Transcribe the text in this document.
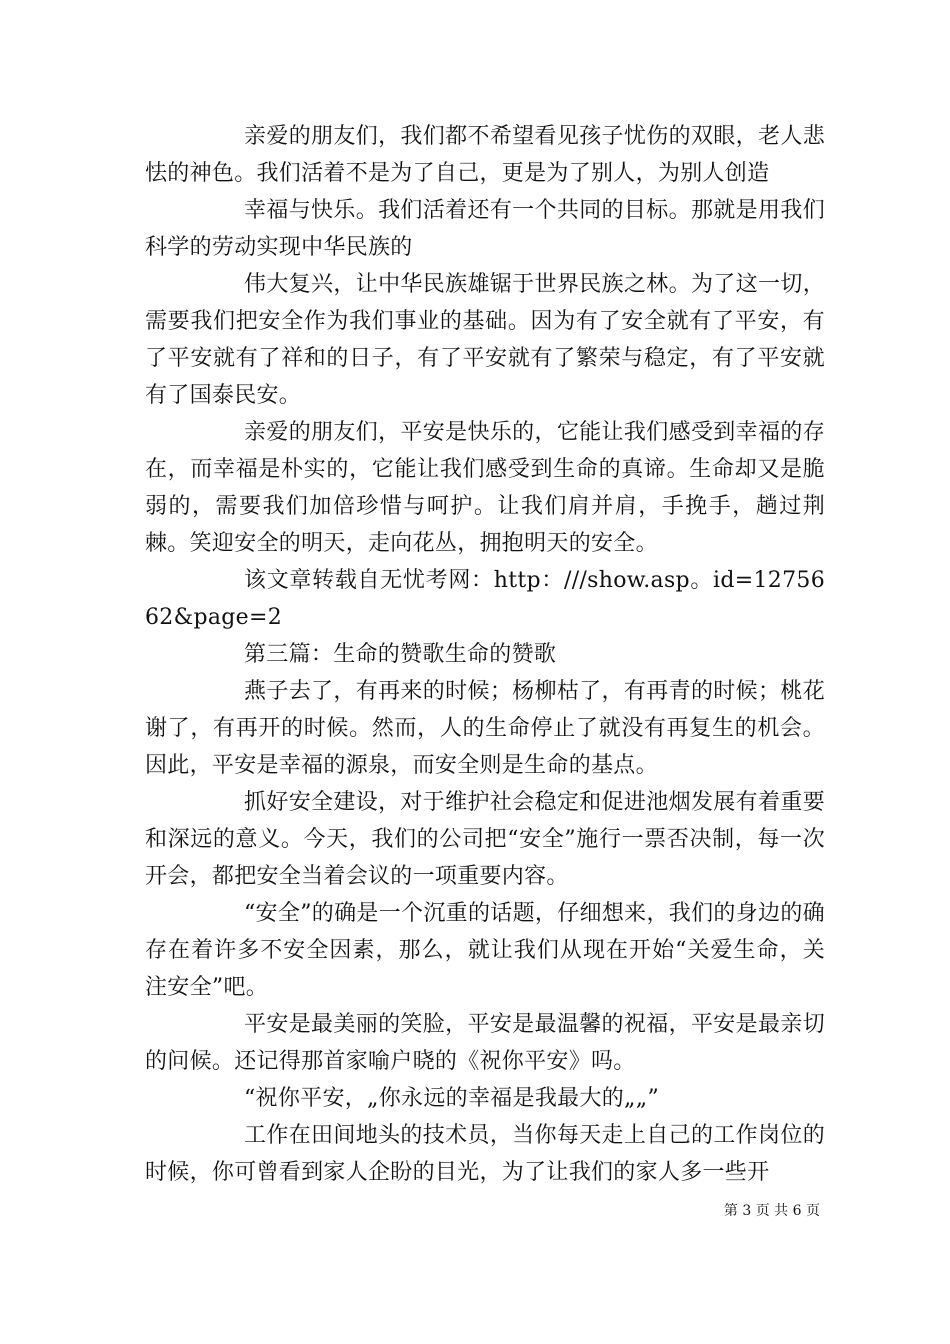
亲爱的朋友们，我们都不希望看见孩子忧伤的双眼，老人悲怯的神色。我们活着不是为了自己，更是为了别人，为别人创造

幸福与快乐。我们活着还有一个共同的目标。那就是用我们科学的劳动实现中华民族的

伟大复兴，让中华民族雄锯于世界民族之林。为了这一切，需要我们把安全作为我们事业的基础。因为有了安全就有了平安，有了平安就有了祥和的日子，有了平安就有了繁荣与稳定，有了平安就有了国泰民安。

亲爱的朋友们，平安是快乐的，它能让我们感受到幸福的存在，而幸福是朴实的，它能让我们感受到生命的真谛。生命却又是脆弱的，需要我们加倍珍惜与呵护。让我们肩并肩，手挽手，趟过荆棘。笑迎安全的明天，走向花丛，拥抱明天的安全。

该文章转载自无忧考网：http：///show.asp。id=1275662&page=2

第三篇：生命的赞歌生命的赞歌

燕子去了，有再来的时候；杨柳枯了，有再青的时候；桃花谢了，有再开的时候。然而，人的生命停止了就没有再复生的机会。因此，平安是幸福的源泉，而安全则是生命的基点。

抓好安全建设，对于维护社会稳定和促进池烟发展有着重要和深远的意义。今天，我们的公司把“安全”施行一票否决制，每一次开会，都把安全当着会议的一项重要内容。

“安全”的确是一个沉重的话题，仔细想来，我们的身边的确存在着许多不安全因素，那么，就让我们从现在开始“关爱生命，关注安全”吧。

平安是最美丽的笑脸，平安是最温馨的祝福，平安是最亲切的问候。还记得那首家喻户晓的《祝你平安》吗。

“祝你平安，„你永远的幸福是我最大的„„”

工作在田间地头的技术员，当你每天走上自己的工作岗位的时候，你可曾看到家人企盼的目光，为了让我们的家人多一些开

第 3 页 共 6 页
